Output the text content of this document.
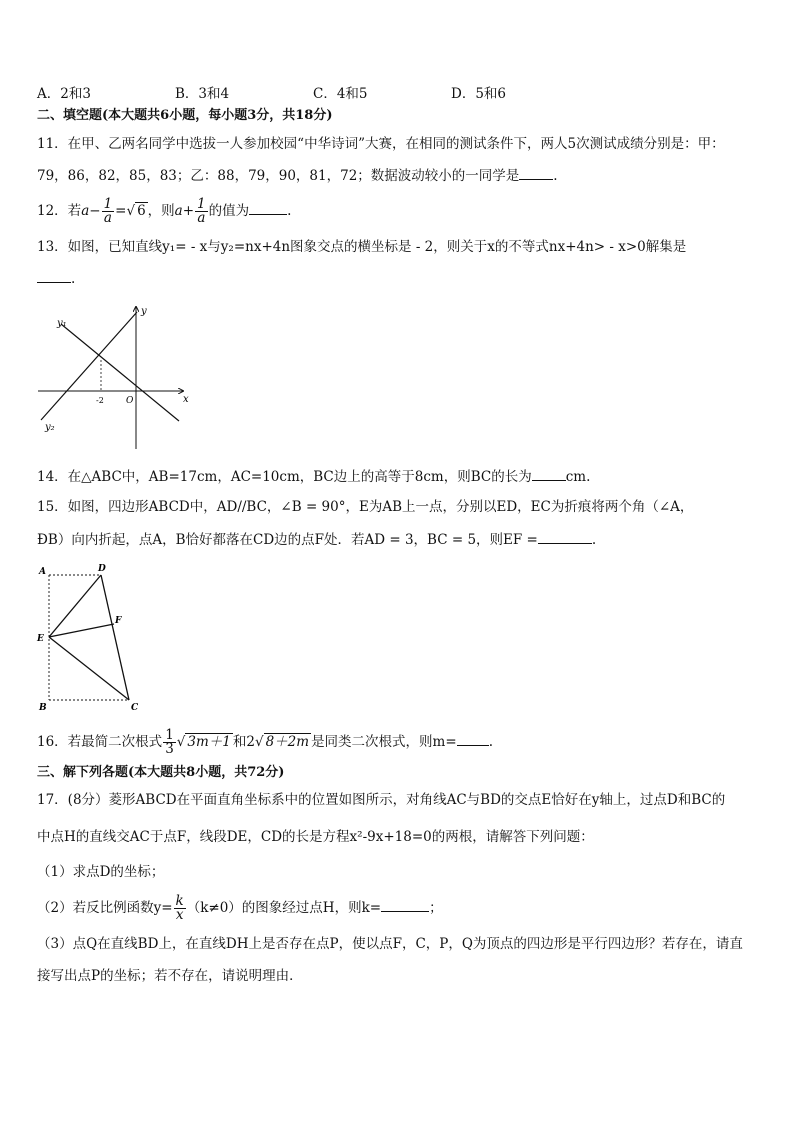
A．2和3	B．3和4	C．4和5	D．5和6
二、填空题(本大题共6小题，每小题3分，共18分)
11．在甲、乙两名同学中选拔一人参加校园“中华诗词”大赛，在相同的测试条件下，两人5次测试成绩分别是：甲：
79，86，82，85，83；乙：88，79，90，81，72；数据波动较小的一同学是	.
12．若$a- \frac{1}{a}$ =√ 6 ，则$a+ \frac{1}{a}$ 的值为	.
13．如图，已知直线y₁= - x与y₂=nx+4n图象交点的横坐标是 - 2，则关于x的不等式nx+4n> - x>0解集是
.
y₁
y₂
y
x
O
-2
14．在△ABC中，AB=17cm，AC=10cm，BC边上的高等于8cm，则BC的长为	cm.
15．如图，四边形ABCD中，AD//BC，∠B = 90°，E为AB上一点，分别以ED，EC为折痕将两个角（∠A，
ÐB）向内折起，点A，B恰好都落在CD边的点F处．若AD = 3，BC = 5，则EF =	.
A	D
E
F
B	C
16．若最简二次根式 $\frac{1}{3}$ √ 3m＋1 和2√ 8＋2m 是同类二次根式，则m= .
三、解下列各题(本大题共8小题，共72分)
17．(8分）菱形ABCD在平面直角坐标系中的位置如图所示，对角线AC与BD的交点E恰好在y轴上，过点D和BC的
中点H的直线交AC于点F，线段DE，CD的长是方程x²-9x+18=0的两根，请解答下列问题：
（1）求点D的坐标；
（2）若反比例函数$y= \frac{k}{x} (k\ne 0)$的图象经过点H，则k=	；
（3）点Q在直线BD上，在直线DH上是否存在点P，使以点F，C，P，Q为顶点的四边形是平行四边形？若存在，请直
接写出点P的坐标；若不存在，请说明理由．
